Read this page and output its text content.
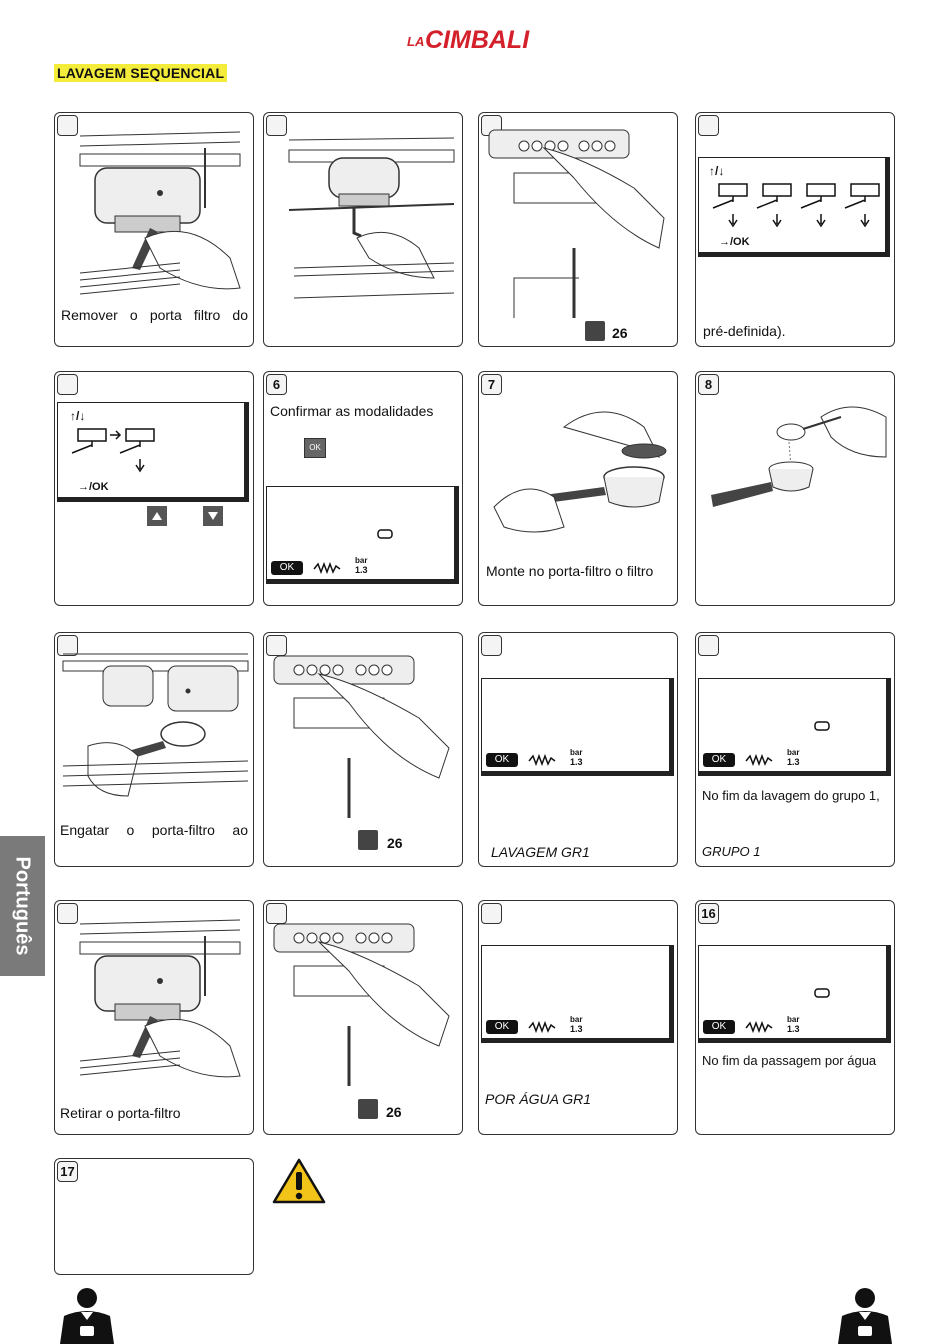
LA CIMBALI
LAVAGEM SEQUENCIAL
Português
Remover o porta filtro do
26
↑/↓
→/OK
pré-definida).
↑/↓
→/OK
6
Confirmar as modalidades
OK
OK
bar
1.3
7
Monte no porta-filtro o filtro
8
Engatar o porta-filtro ao
26
OK
bar
1.3
LAVAGEM GR1
OK
bar
1.3
No fim da lavagem do grupo 1,
GRUPO 1
Retirar o porta-filtro	26
OK
bar
1.3
POR ÁGUA GR1
16
OK
bar
1.3
No fim da passagem por água
17
